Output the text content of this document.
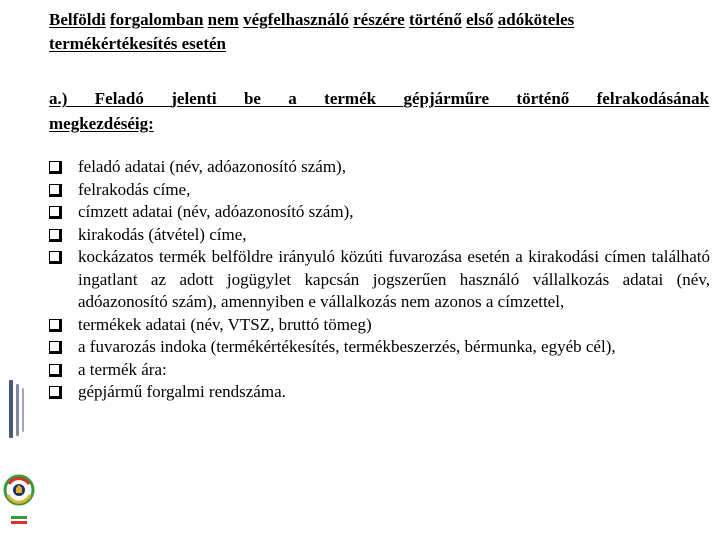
Belföldi forgalomban nem végfelhasználó részére történő első adóköteles
termékértékesítés esetén
a.) Feladó jelenti be a termék gépjárműre történő felrakodásának
megkezdéséig:
feladó adatai (név, adóazonosító szám),
felrakodás címe,
címzett adatai (név, adóazonosító szám),
kirakodás (átvétel) címe,
kockázatos termék belföldre irányuló közúti fuvarozása esetén a kirakodási címen található ingatlant az adott jogügylet kapcsán jogszerűen használó vállalkozás adatai (név, adóazonosító szám), amennyiben e vállalkozás nem azonos a címzettel,
termékek adatai (név, VTSZ, bruttó tömeg)
a fuvarozás indoka (termékértékesítés, termékbeszerzés, bérmunka, egyéb cél),
a termék ára:
gépjármű forgalmi rendszáma.
